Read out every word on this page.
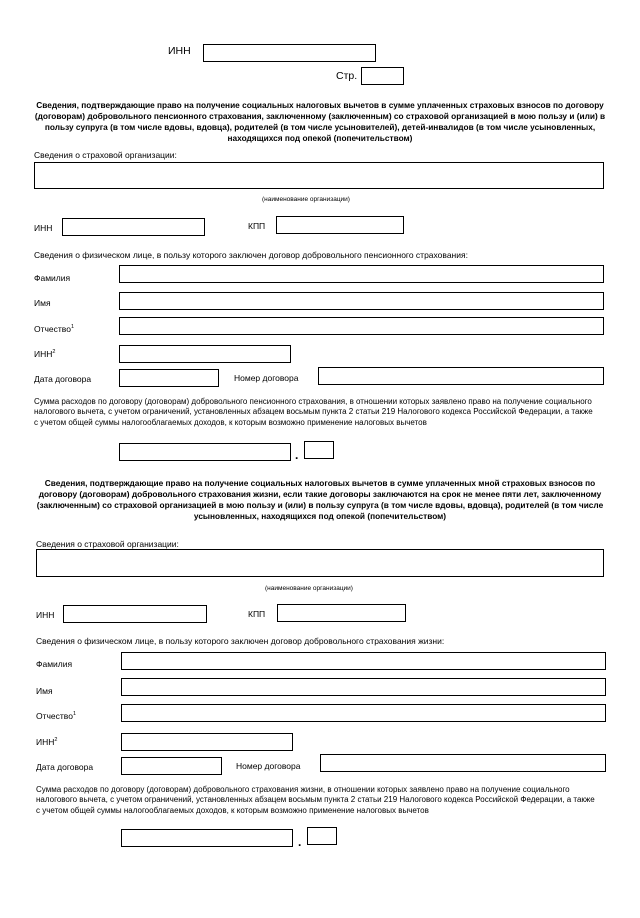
ИНН
Стр.
Сведения, подтверждающие право на получение социальных налоговых вычетов в сумме уплаченных страховых взносов по договору (договорам) добровольного пенсионного страхования, заключенному (заключенным) со страховой организацией в мою пользу и (или) в пользу супруга (в том числе вдовы, вдовца), родителей (в том числе усыновителей), детей-инвалидов (в том числе усыновленных, находящихся под опекой (попечительством)
Сведения о страховой организации:
(наименование организации)
ИНН	КПП
Сведения о физическом лице, в пользу которого заключен договор добровольного пенсионного страхования:
Фамилия
Имя
Отчество$^1$
ИНН$^2$
Дата договора	Номер договора
Сумма расходов по договору (договорам) добровольного пенсионного страхования, в отношении которых заявлено право на получение социального налогового вычета, с учетом ограничений, установленных абзацем восьмым пункта 2 статьи 219 Налогового кодекса Российской Федерации, а также с учетом общей суммы налогооблагаемых доходов, к которым возможно применение налоговых вычетов
.
Сведения, подтверждающие право на получение социальных налоговых вычетов в сумме уплаченных мной страховых взносов по договору (договорам) добровольного страхования жизни, если такие договоры заключаются на срок не менее пяти лет, заключенному (заключенным) со страховой организацией в мою пользу и (или) в пользу супруга (в том числе вдовы, вдовца), родителей (в том числе усыновленных, находящихся под опекой (попечительством)
Сведения о страховой организации:
(наименование организации)
ИНН	КПП
Сведения о физическом лице, в пользу которого заключен договор добровольного страхования жизни:
Фамилия
Имя
Отчество$^1$
ИНН$^2$
Дата договора	Номер договора
Сумма расходов по договору (договорам) добровольного страхования жизни, в отношении которых заявлено право на получение социального налогового вычета, с учетом ограничений, установленных абзацем восьмым пункта 2 статьи 219 Налогового кодекса Российской Федерации, а также с учетом общей суммы налогооблагаемых доходов, к которым возможно применение налоговых вычетов
.
